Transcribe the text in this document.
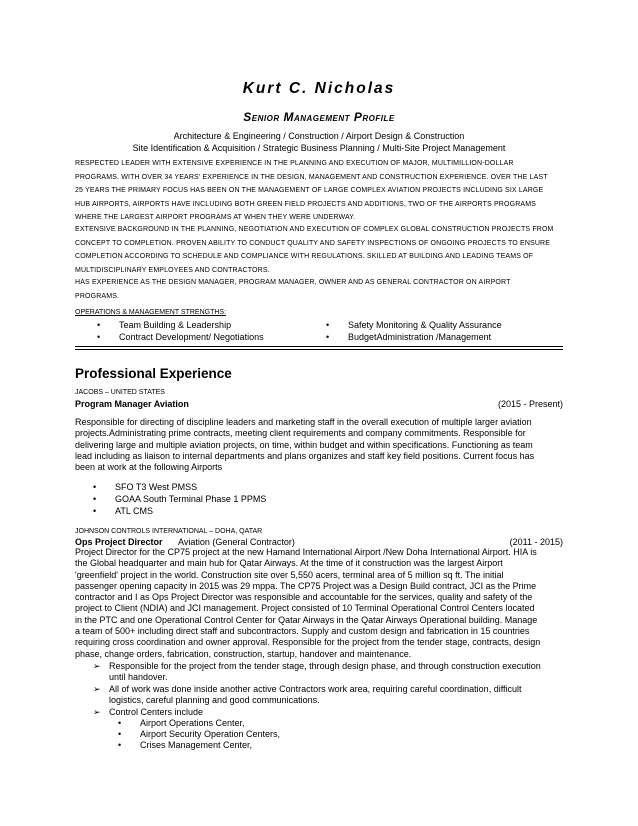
Kurt C. Nicholas
Senior Management Profile
Architecture & Engineering / Construction / Airport Design & Construction
Site Identification & Acquisition / Strategic Business Planning / Multi-Site Project Management
RESPECTED LEADER WITH EXTENSIVE EXPERIENCE IN THE PLANNING AND EXECUTION OF MAJOR, MULTIMILLION-DOLLAR
PROGRAMS. WITH OVER 34 YEARS' EXPERIENCE IN THE DESIGN, MANAGEMENT AND CONSTRUCTION EXPERIENCE. OVER THE LAST
25 YEARS THE PRIMARY FOCUS HAS BEEN ON THE MANAGEMENT OF LARGE COMPLEX AVIATION PROJECTS INCLUDING SIX LARGE
HUB AIRPORTS, AIRPORTS HAVE INCLUDING BOTH GREEN FIELD PROJECTS AND ADDITIONS, TWO OF THE AIRPORTS PROGRAMS
WHERE THE LARGEST AIRPORT PROGRAMS AT WHEN THEY WERE UNDERWAY.
EXTENSIVE BACKGROUND IN THE PLANNING, NEGOTIATION AND EXECUTION OF COMPLEX GLOBAL CONSTRUCTION PROJECTS FROM
CONCEPT TO COMPLETION. PROVEN ABILITY TO CONDUCT QUALITY AND SAFETY INSPECTIONS OF ONGOING PROJECTS TO ENSURE
COMPLETION ACCORDING TO SCHEDULE AND COMPLIANCE WITH REGULATIONS. SKILLED AT BUILDING AND LEADING TEAMS OF
MULTIDISCIPLINARY EMPLOYEES AND CONTRACTORS.
HAS EXPERIENCE AS THE DESIGN MANAGER, PROGRAM MANAGER, OWNER AND AS GENERAL CONTRACTOR ON AIRPORT
PROGRAMS.
OPERATIONS & MANAGEMENT STRENGTHS:
• Team Building & Leadership
• Contract Development/ Negotiations
• Safety Monitoring & Quality Assurance
• BudgetAdministration /Management
Professional Experience
JACOBS – UNITED STATES
Program Manager Aviation	(2015 - Present)
Responsible for directing of discipline leaders and marketing staff in the overall execution of multiple larger aviation
projects.Administrating prime contracts, meeting client requirements and company commitments. Responsible for
delivering large and multiple aviation projects, on time, within budget and within specifications. Functioning as team
lead including as liaison to internal departments and plans organizes and staff key field positions. Current focus has
been at work at the following Airports
• SFO T3 West PMSS
• GOAA South Terminal Phase 1 PPMS
• ATL CMS
JOHNSON CONTROLS INTERNATIONAL – DOHA, QATAR
Ops Project Director Aviation (General Contractor)	(2011 - 2015)
Project Director for the CP75 project at the new Hamand International Airport /New Doha International Airport. HIA is
the Global headquarter and main hub for Qatar Airways. At the time of it construction was the largest Airport
'greenfield' project in the world. Construction site over 5,550 acers, terminal area of 5 million sq ft. The initial
passenger opening capacity in 2015 was 29 mppa. The CP75 Project was a Design Build contract, JCI as the Prime
contractor and I as Ops Project Director was responsible and accountable for the services, quality and safety of the
project to Client (NDIA) and JCI management. Project consisted of 10 Terminal Operational Control Centers located
in the PTC and one Operational Control Center for Qatar Airways in the Qatar Airways Operational building. Manage
a team of 500+ including direct staff and subcontractors. Supply and custom design and fabrication in 15 countries
requiring cross coordination and owner approval. Responsible for the project from the tender stage, contracts, design
phase, change orders, fabrication, construction, startup, handover and maintenance.
➢ Responsible for the project from the tender stage, through design phase, and through construction execution
until handover.
➢ All of work was done inside another active Contractors work area, requiring careful coordination, difficult
logistics, careful planning and good communications.
➢ Control Centers include
• Airport Operations Center,
• Airport Security Operation Centers,
• Crises Management Center,
